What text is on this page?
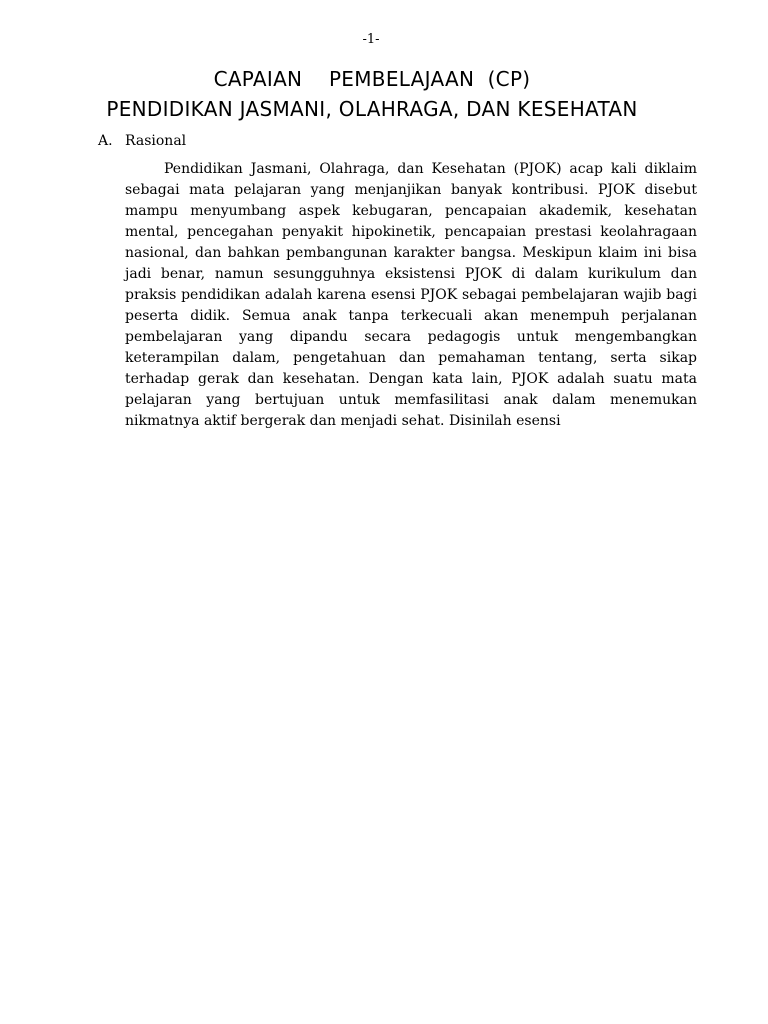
-1-
CAPAIAN    PEMBELAJAAN  (CP)
PENDIDIKAN JASMANI, OLAHRAGA, DAN KESEHATAN
A. Rasional

Pendidikan Jasmani, Olahraga, dan Kesehatan (PJOK) acap kali diklaim sebagai mata pelajaran yang menjanjikan banyak kontribusi. PJOK disebut mampu menyumbang aspek kebugaran, pencapaian akademik, kesehatan mental, pencegahan penyakit hipokinetik, pencapaian prestasi keolahragaan nasional, dan bahkan pembangunan karakter bangsa. Meskipun klaim ini bisa jadi benar, namun sesungguhnya eksistensi PJOK di dalam kurikulum dan praksis pendidikan adalah karena esensi PJOK sebagai pembelajaran wajib bagi peserta didik. Semua anak tanpa terkecuali akan menempuh perjalanan pembelajaran yang dipandu secara pedagogis untuk mengembangkan keterampilan dalam, pengetahuan dan pemahaman tentang, serta sikap terhadap gerak dan kesehatan. Dengan kata lain, PJOK adalah suatu mata pelajaran yang bertujuan untuk memfasilitasi anak dalam menemukan nikmatnya aktif bergerak dan menjadi sehat. Disinilah esensi
